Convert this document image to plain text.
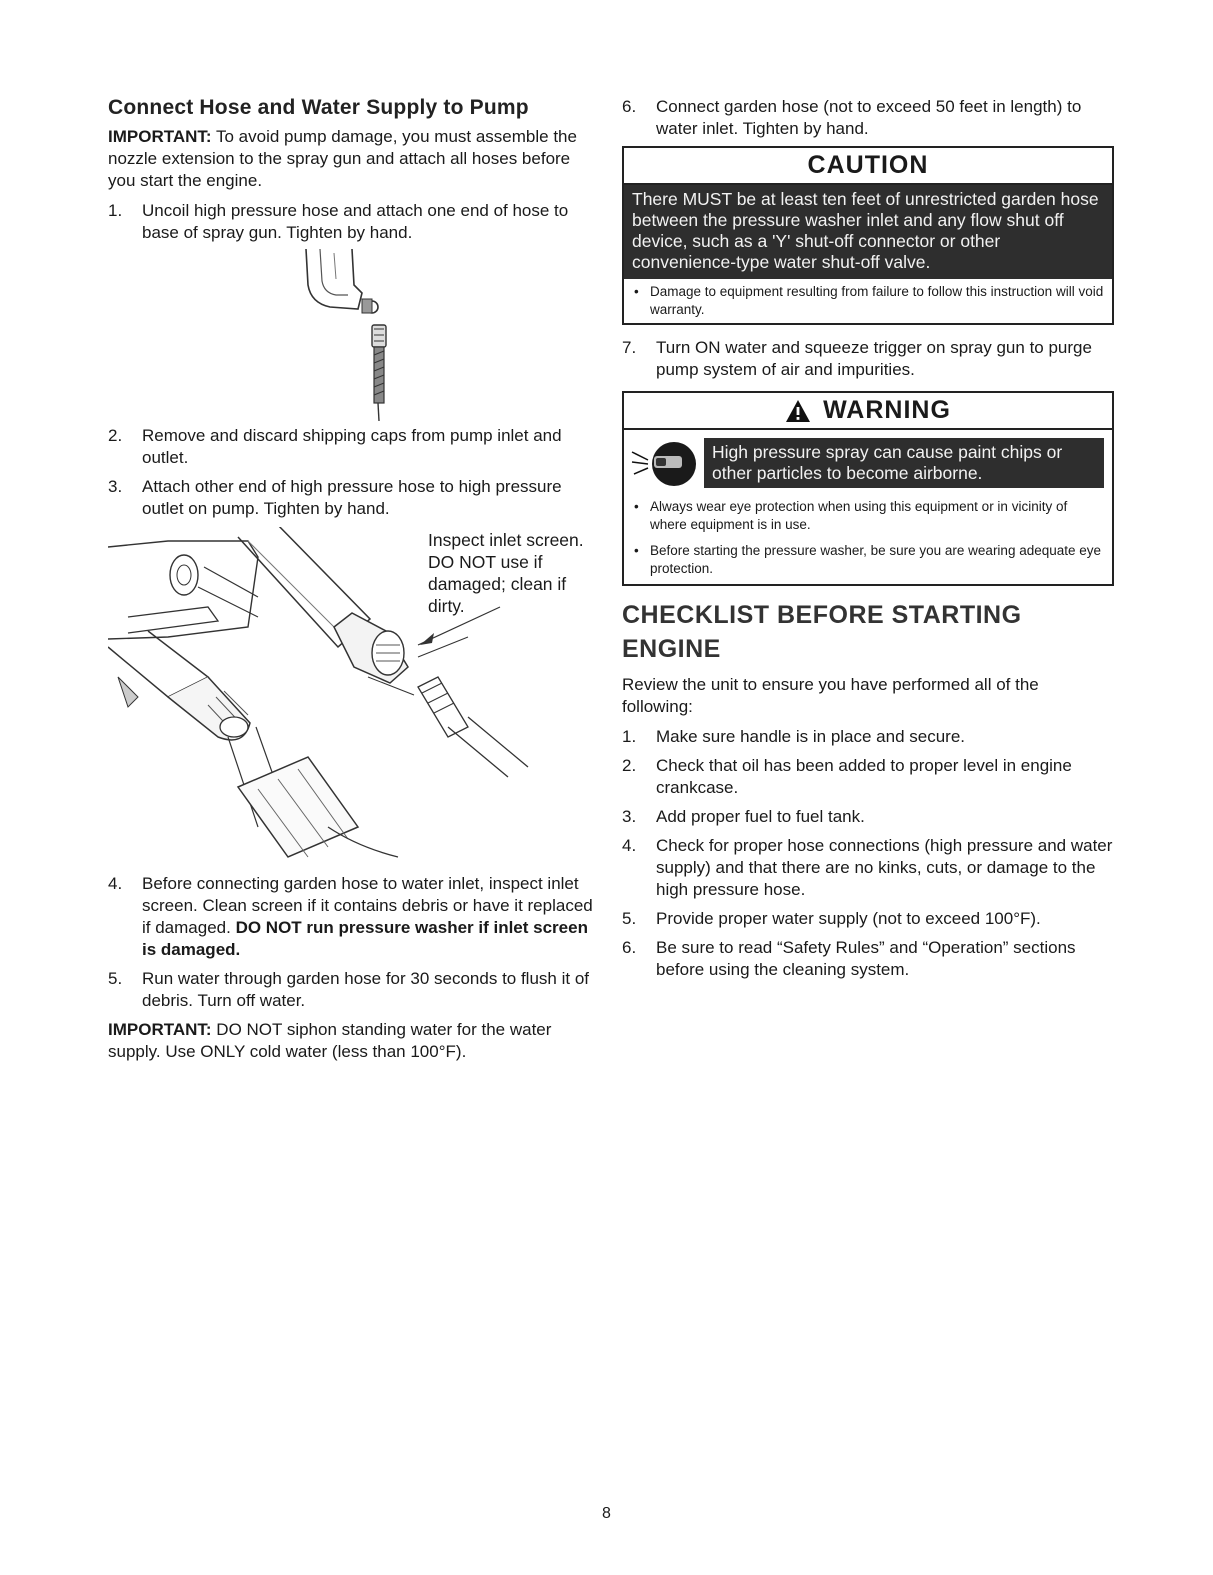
Connect Hose and Water Supply to Pump

IMPORTANT: To avoid pump damage, you must assemble the nozzle extension to the spray gun and attach all hoses before you start the engine.

1.	Uncoil high pressure hose and attach one end of hose to base of spray gun. Tighten by hand.
2.	Remove and discard shipping caps from pump inlet and outlet.
3.	Attach other end of high pressure hose to high pressure outlet on pump. Tighten by hand.
Inspect inlet screen. DO NOT use if damaged; clean if dirty.
4.	Before connecting garden hose to water inlet, inspect inlet screen. Clean screen if it contains debris or have it replaced if damaged. DO NOT run pressure washer if inlet screen is damaged.
5.	Run water through garden hose for 30 seconds to flush it of debris. Turn off water.

IMPORTANT: DO NOT siphon standing water for the water supply. Use ONLY cold water (less than 100°F).

6.	Connect garden hose (not to exceed 50 feet in length) to water inlet. Tighten by hand.
CAUTION
There MUST be at least ten feet of unrestricted garden hose between the pressure washer inlet and any flow shut off device, such as a 'Y' shut-off connector or other convenience-type water shut-off valve.
• Damage to equipment resulting from failure to follow this instruction will void warranty.
7.	Turn ON water and squeeze trigger on spray gun to purge pump system of air and impurities.
WARNING
High pressure spray can cause paint chips or other particles to become airborne.
• Always wear eye protection when using this equipment or in vicinity of where equipment is in use.
• Before starting the pressure washer, be sure you are wearing adequate eye protection.
CHECKLIST BEFORE STARTING ENGINE

Review the unit to ensure you have performed all of the following:

1.	Make sure handle is in place and secure.
2.	Check that oil has been added to proper level in engine crankcase.
3.	Add proper fuel to fuel tank.
4.	Check for proper hose connections (high pressure and water supply) and that there are no kinks, cuts, or damage to the high pressure hose.
5.	Provide proper water supply (not to exceed 100°F).
6.	Be sure to read “Safety Rules” and “Operation” sections before using the cleaning system.
8
